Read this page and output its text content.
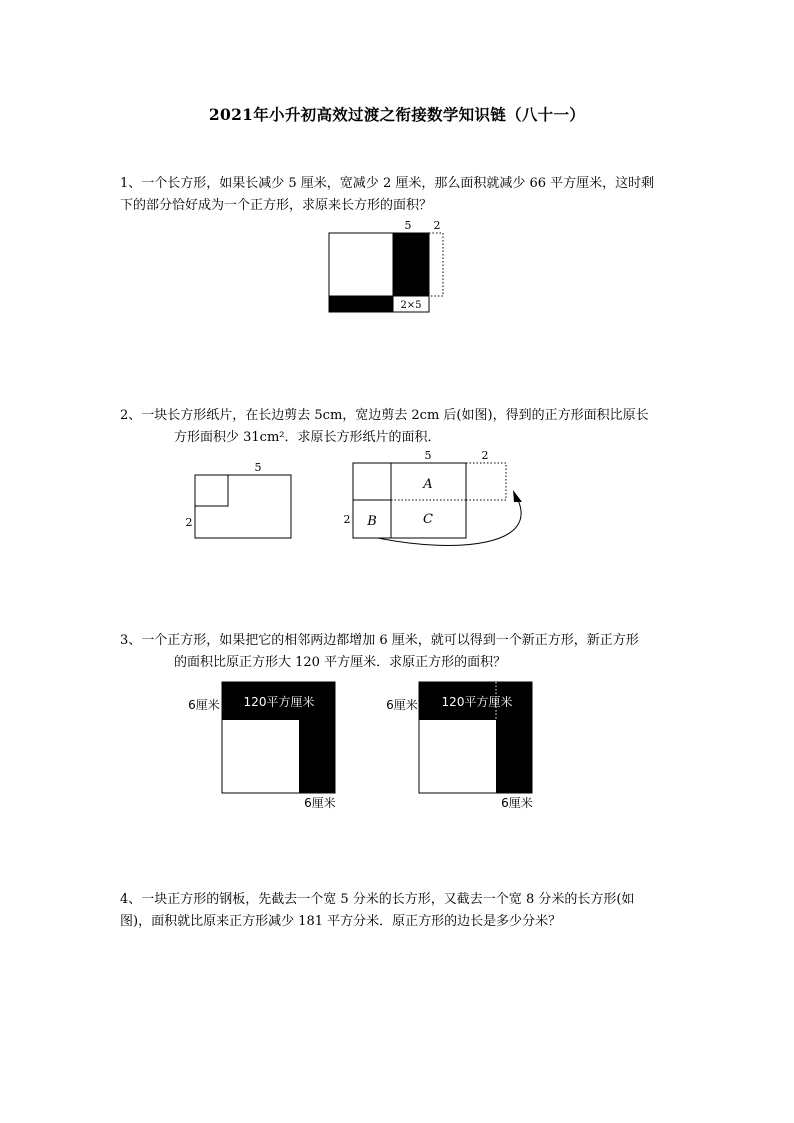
2021年小升初高效过渡之衔接数学知识链（八十一）
1、一个长方形，如果长减少 5 厘米，宽减少 2 厘米，那么面积就减少 66 平方厘米，这时剩
下的部分恰好成为一个正方形，求原来长方形的面积？
5 2
2×5
2、一块长方形纸片，在长边剪去 5cm，宽边剪去 2cm 后(如图)，得到的正方形面积比原长

方形面积少 31cm²．求原长方形纸片的面积．
5
2
A
B	C
5	2
2
3、一个正方形，如果把它的相邻两边都增加 6 厘米，就可以得到一个新正方形，新正方形

的面积比原正方形大 120 平方厘米．求原正方形的面积？
120平方厘米
6厘米
6厘米
120平方厘米
6厘米
6厘米
4、一块正方形的钢板，先截去一个宽 5 分米的长方形，又截去一个宽 8 分米的长方形(如
图)，面积就比原来正方形减少 181 平方分米．原正方形的边长是多少分米？
